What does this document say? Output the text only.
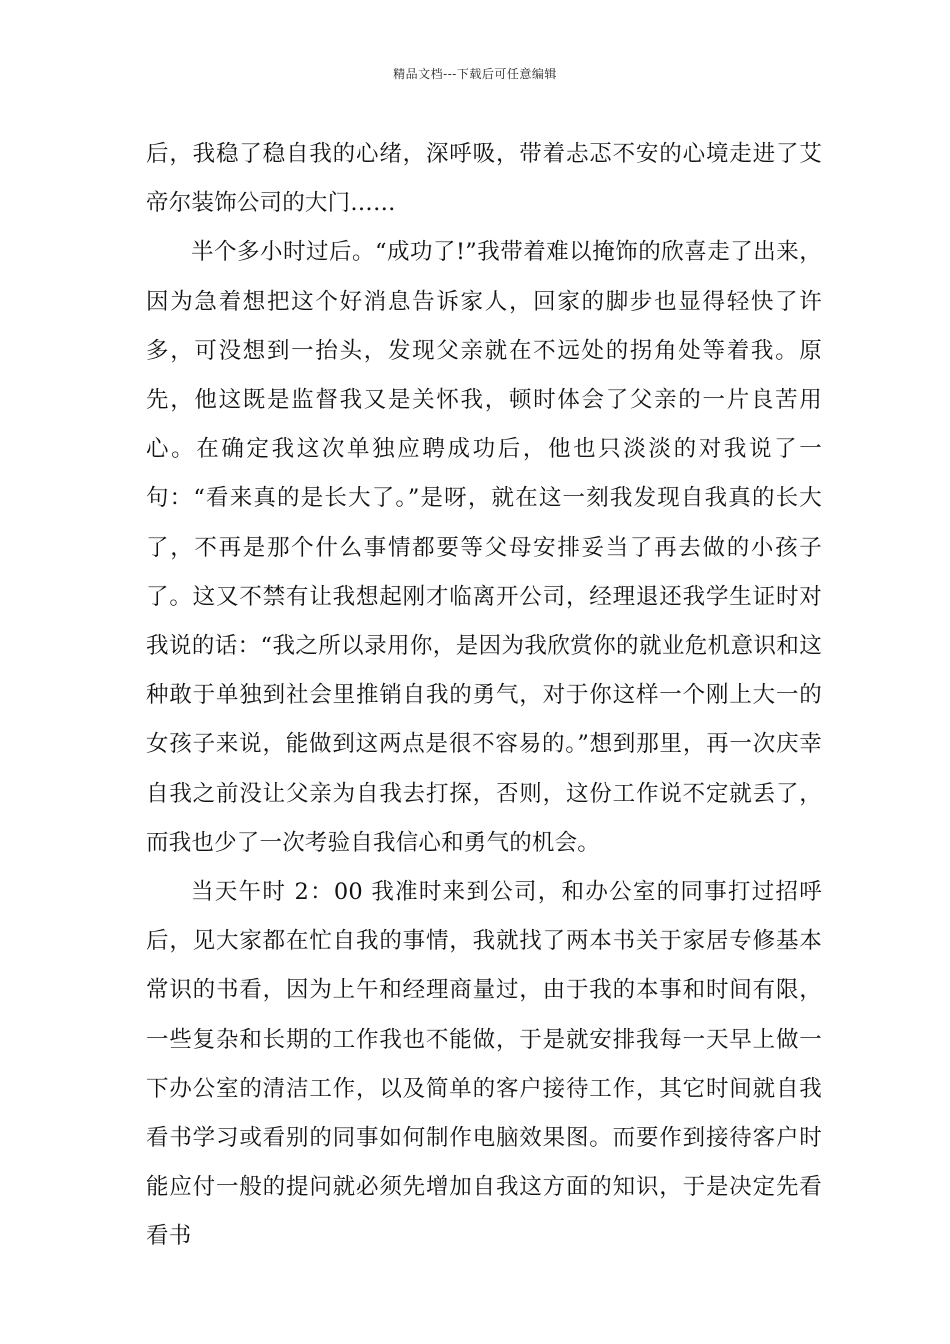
精品文档---下载后可任意编辑

后，我稳了稳自我的心绪，深呼吸，带着忐忑不安的心境走进了艾帝尔装饰公司的大门……

半个多小时过后。“成功了!”我带着难以掩饰的欣喜走了出来，因为急着想把这个好消息告诉家人，回家的脚步也显得轻快了许多，可没想到一抬头，发现父亲就在不远处的拐角处等着我。原先，他这既是监督我又是关怀我，顿时体会了父亲的一片良苦用心。在确定我这次单独应聘成功后，他也只淡淡的对我说了一句：“看来真的是长大了。”是呀，就在这一刻我发现自我真的长大了，不再是那个什么事情都要等父母安排妥当了再去做的小孩子了。这又不禁有让我想起刚才临离开公司，经理退还我学生证时对我说的话：“我之所以录用你，是因为我欣赏你的就业危机意识和这种敢于单独到社会里推销自我的勇气，对于你这样一个刚上大一的女孩子来说，能做到这两点是很不容易的。”想到那里，再一次庆幸自我之前没让父亲为自我去打探，否则，这份工作说不定就丢了，而我也少了一次考验自我信心和勇气的机会。

当天午时 2：00 我准时来到公司，和办公室的同事打过招呼后，见大家都在忙自我的事情，我就找了两本书关于家居专修基本常识的书看，因为上午和经理商量过，由于我的本事和时间有限，一些复杂和长期的工作我也不能做，于是就安排我每一天早上做一下办公室的清洁工作，以及简单的客户接待工作，其它时间就自我看书学习或看别的同事如何制作电脑效果图。而要作到接待客户时能应付一般的提问就必须先增加自我这方面的知识，于是决定先看看书
